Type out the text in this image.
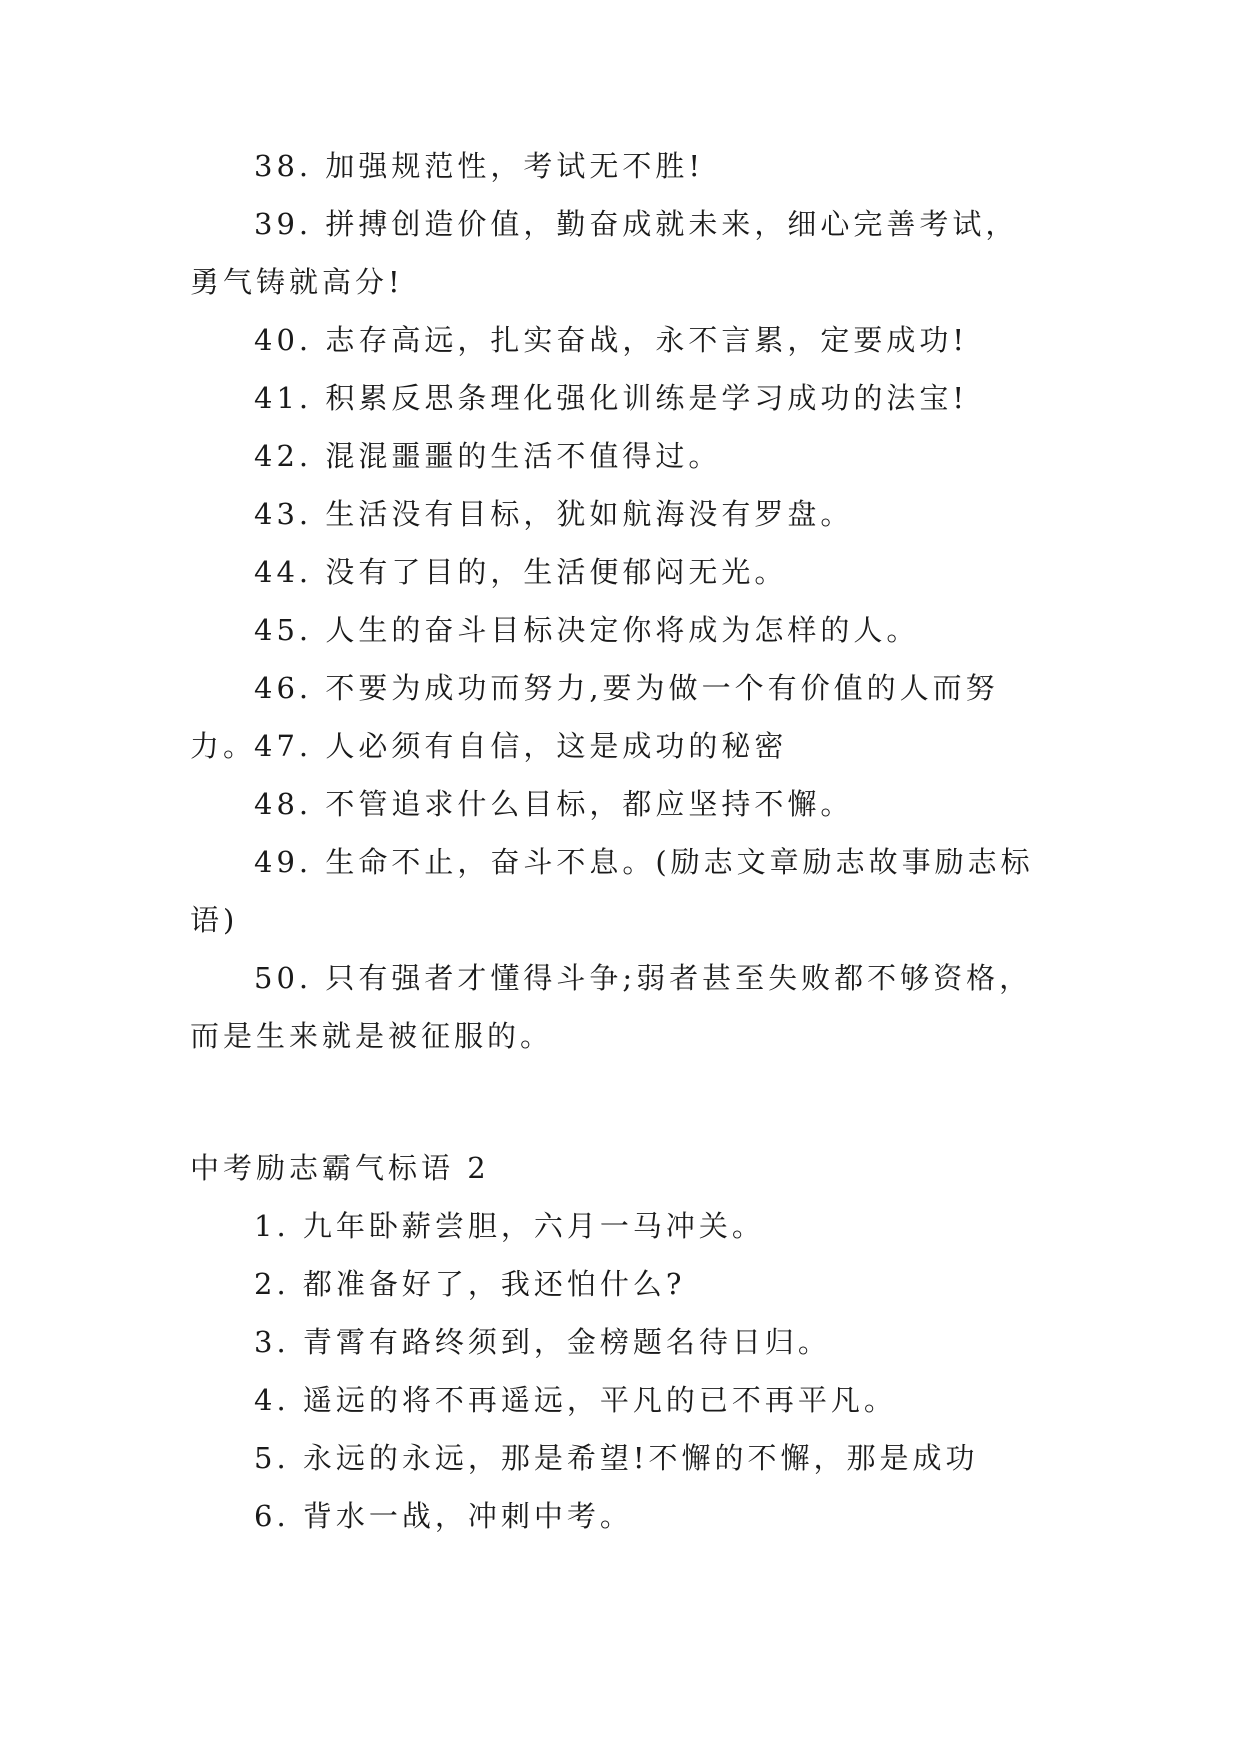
38. 加强规范性，考试无不胜!

39. 拼搏创造价值，勤奋成就未来，细心完善考试，勇气铸就高分!

40. 志存高远，扎实奋战，永不言累，定要成功!

41. 积累反思条理化强化训练是学习成功的法宝!

42. 混混噩噩的生活不值得过。

43. 生活没有目标，犹如航海没有罗盘。

44. 没有了目的，生活便郁闷无光。

45. 人生的奋斗目标决定你将成为怎样的人。

46. 不要为成功而努力,要为做一个有价值的人而努力。

47. 人必须有自信，这是成功的秘密

48. 不管追求什么目标，都应坚持不懈。

49. 生命不止，奋斗不息。(励志文章励志故事励志标语)

50. 只有强者才懂得斗争;弱者甚至失败都不够资格，而是生来就是被征服的。

中考励志霸气标语 2

1. 九年卧薪尝胆，六月一马冲关。

2. 都准备好了，我还怕什么?

3. 青霄有路终须到，金榜题名待日归。

4. 遥远的将不再遥远，平凡的已不再平凡。

5. 永远的永远，那是希望!不懈的不懈，那是成功

6. 背水一战，冲刺中考。
